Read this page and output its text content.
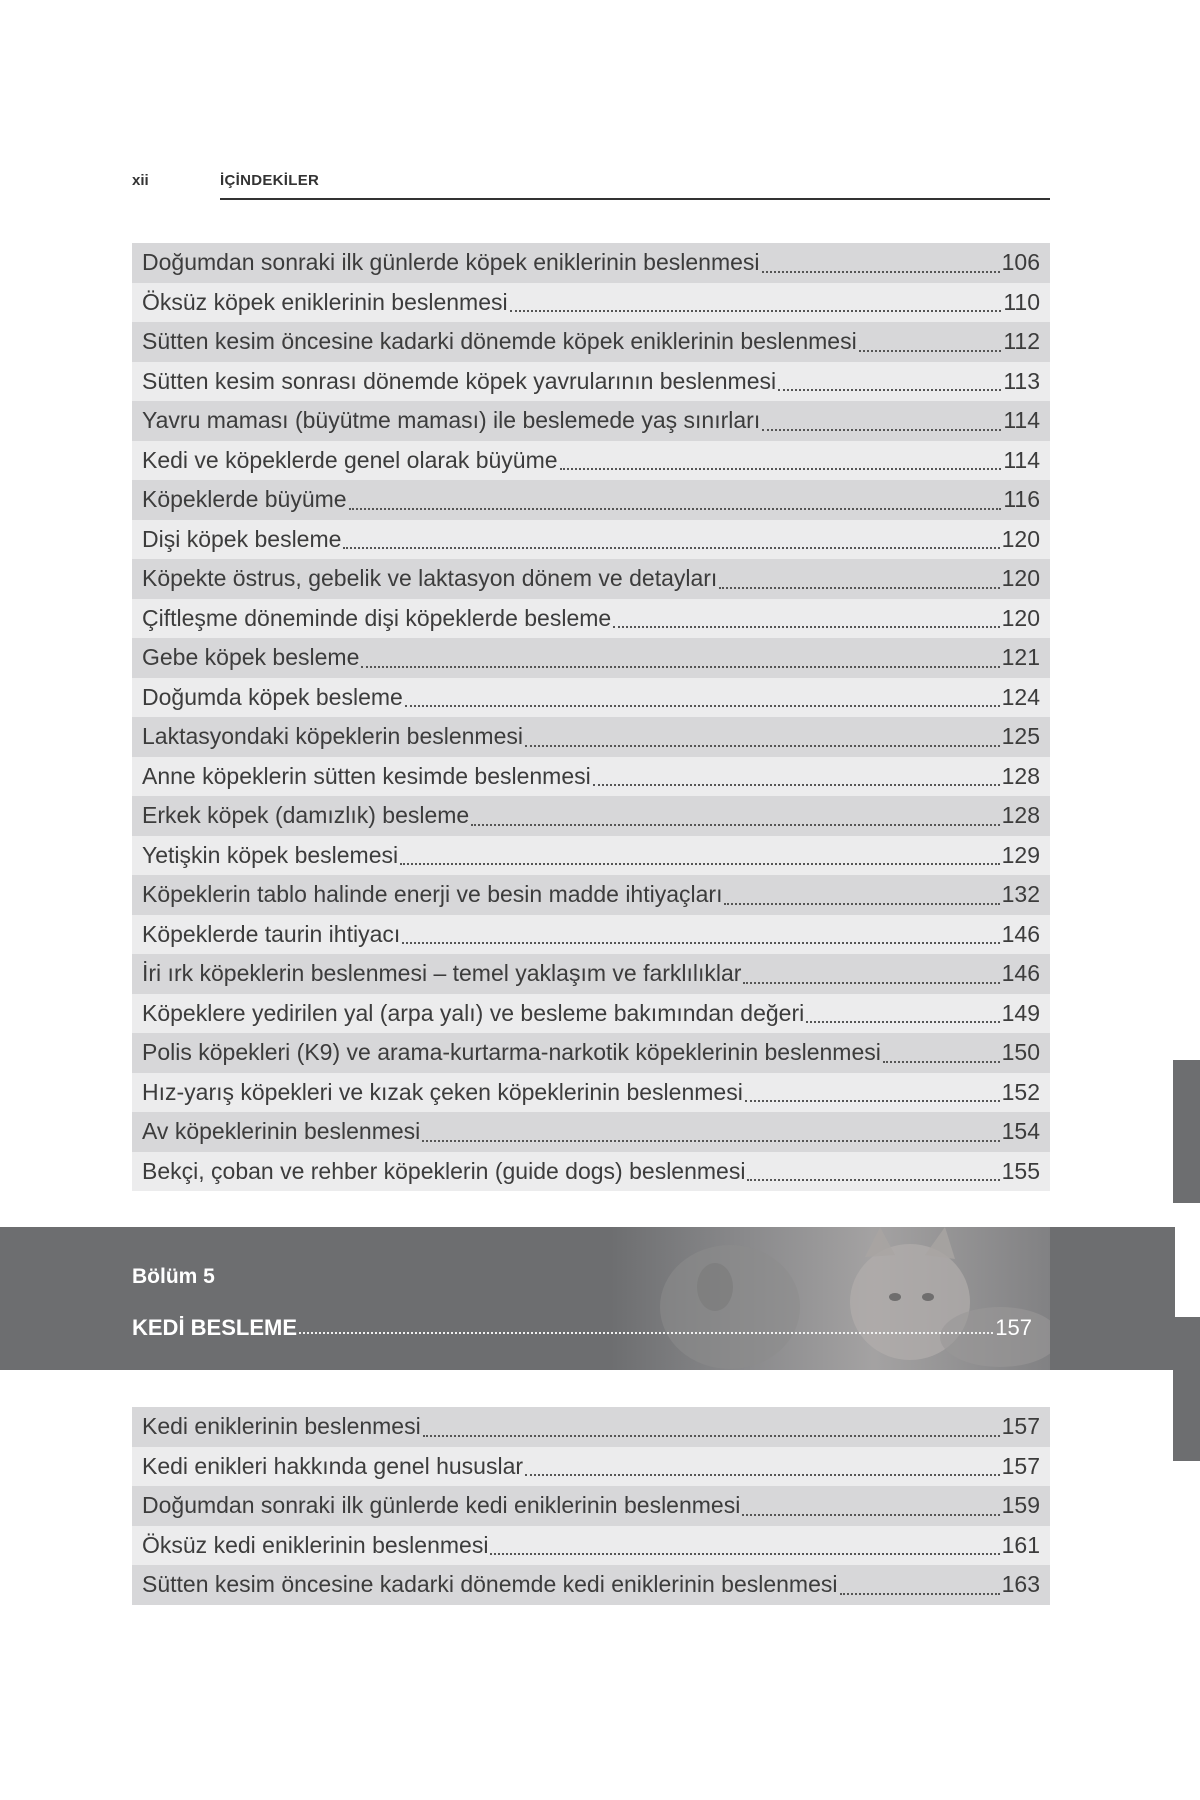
xii	İÇİNDEKİLER
Doğumdan sonraki ilk günlerde köpek eniklerinin beslenmesi	106
Öksüz köpek eniklerinin beslenmesi	110
Sütten kesim öncesine kadarki dönemde köpek eniklerinin beslenmesi	112
Sütten kesim sonrası dönemde köpek yavrularının beslenmesi	113
Yavru maması (büyütme maması) ile beslemede yaş sınırları	114
Kedi ve köpeklerde genel olarak büyüme	114
Köpeklerde büyüme	116
Dişi köpek besleme	120
Köpekte östrus, gebelik ve laktasyon dönem ve detayları	120
Çiftleşme döneminde dişi köpeklerde besleme	120
Gebe köpek besleme	121
Doğumda köpek besleme	124
Laktasyondaki köpeklerin beslenmesi	125
Anne köpeklerin sütten kesimde beslenmesi	128
Erkek köpek (damızlık) besleme	128
Yetişkin köpek beslemesi	129
Köpeklerin tablo halinde enerji ve besin madde ihtiyaçları	132
Köpeklerde taurin ihtiyacı	146
İri ırk köpeklerin beslenmesi – temel yaklaşım ve farklılıklar	146
Köpeklere yedirilen yal (arpa yalı) ve besleme bakımından değeri	149
Polis köpekleri (K9) ve arama-kurtarma-narkotik köpeklerinin beslenmesi	150
Hız-yarış köpekleri ve kızak çeken köpeklerinin beslenmesi	152
Av köpeklerinin beslenmesi	154
Bekçi, çoban ve rehber köpeklerin (guide dogs) beslenmesi	155
Bölüm 5
KEDİ BESLEME	157
Kedi eniklerinin beslenmesi	157
Kedi enikleri hakkında genel hususlar	157
Doğumdan sonraki ilk günlerde kedi eniklerinin beslenmesi	159
Öksüz kedi eniklerinin beslenmesi	161
Sütten kesim öncesine kadarki dönemde kedi eniklerinin beslenmesi	163
